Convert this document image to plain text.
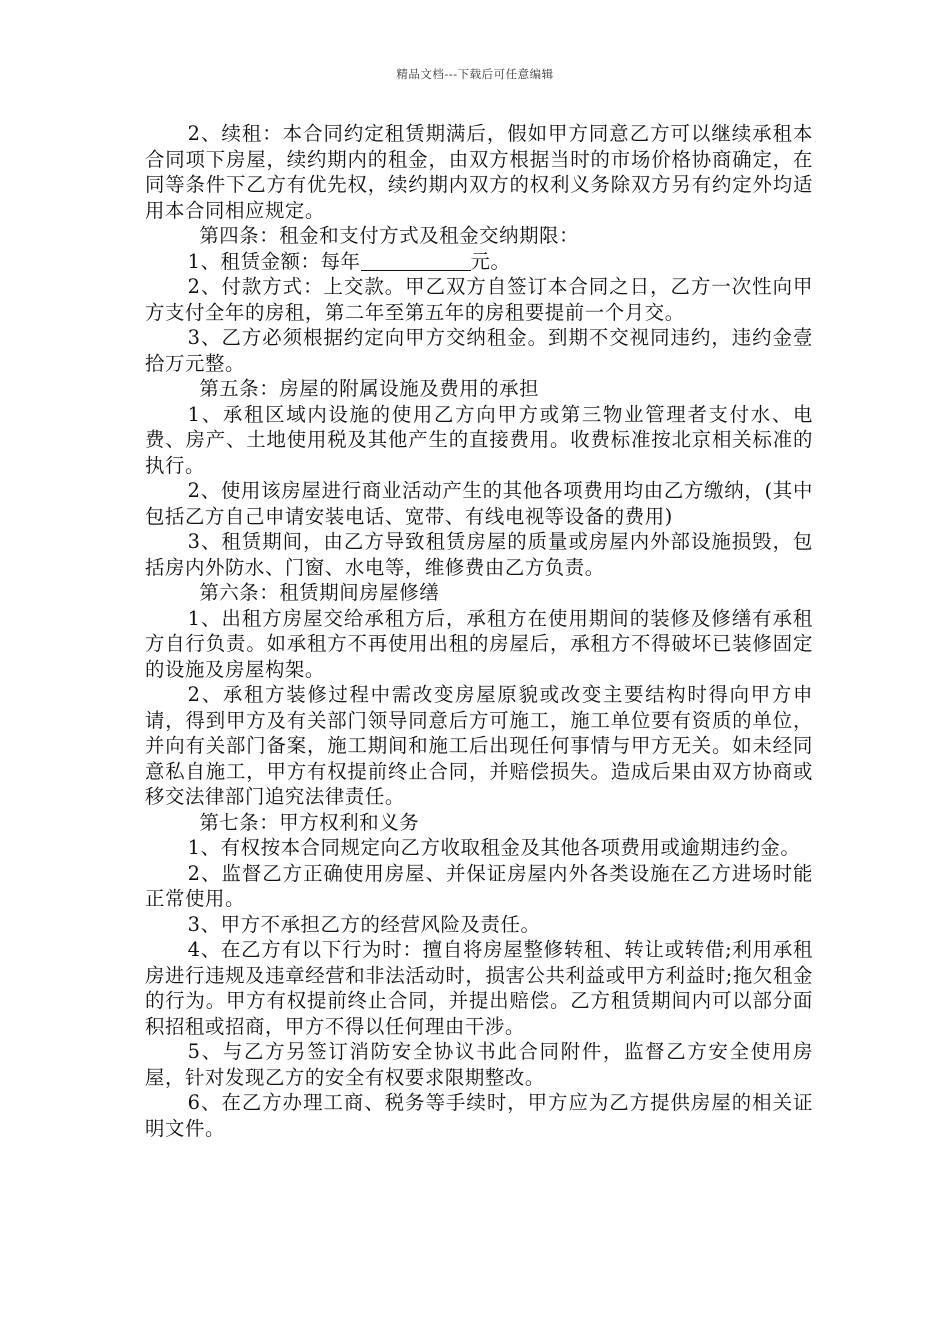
精品文档---下载后可任意编辑

2、续租：本合同约定租赁期满后，假如甲方同意乙方可以继续承租本合同项下房屋，续约期内的租金，由双方根据当时的市场价格协商确定，在同等条件下乙方有优先权，续约期内双方的权利义务除双方另有约定外均适用本合同相应规定。

第四条：租金和支付方式及租金交纳期限：

1、租赁金额：每年	元。

2、付款方式：上交款。甲乙双方自签订本合同之日，乙方一次性向甲方支付全年的房租，第二年至第五年的房租要提前一个月交。

3、乙方必须根据约定向甲方交纳租金。到期不交视同违约，违约金壹拾万元整。

第五条：房屋的附属设施及费用的承担

1、承租区域内设施的使用乙方向甲方或第三物业管理者支付水、电费、房产、土地使用税及其他产生的直接费用。收费标准按北京相关标准的执行。

2、使用该房屋进行商业活动产生的其他各项费用均由乙方缴纳，(其中包括乙方自己申请安装电话、宽带、有线电视等设备的费用)

3、租赁期间，由乙方导致租赁房屋的质量或房屋内外部设施损毁，包括房内外防水、门窗、水电等，维修费由乙方负责。

第六条：租赁期间房屋修缮

1、出租方房屋交给承租方后，承租方在使用期间的装修及修缮有承租方自行负责。如承租方不再使用出租的房屋后，承租方不得破坏已装修固定的设施及房屋构架。

2、承租方装修过程中需改变房屋原貌或改变主要结构时得向甲方申请，得到甲方及有关部门领导同意后方可施工，施工单位要有资质的单位，并向有关部门备案，施工期间和施工后出现任何事情与甲方无关。如未经同意私自施工，甲方有权提前终止合同，并赔偿损失。造成后果由双方协商或移交法律部门追究法律责任。

第七条：甲方权利和义务

1、有权按本合同规定向乙方收取租金及其他各项费用或逾期违约金。

2、监督乙方正确使用房屋、并保证房屋内外各类设施在乙方进场时能正常使用。

3、甲方不承担乙方的经营风险及责任。

4、在乙方有以下行为时：擅自将房屋整修转租、转让或转借;利用承租房进行违规及违章经营和非法活动时，损害公共利益或甲方利益时;拖欠租金的行为。甲方有权提前终止合同，并提出赔偿。乙方租赁期间内可以部分面积招租或招商，甲方不得以任何理由干涉。

5、与乙方另签订消防安全协议书此合同附件，监督乙方安全使用房屋，针对发现乙方的安全有权要求限期整改。

6、在乙方办理工商、税务等手续时，甲方应为乙方提供房屋的相关证明文件。
